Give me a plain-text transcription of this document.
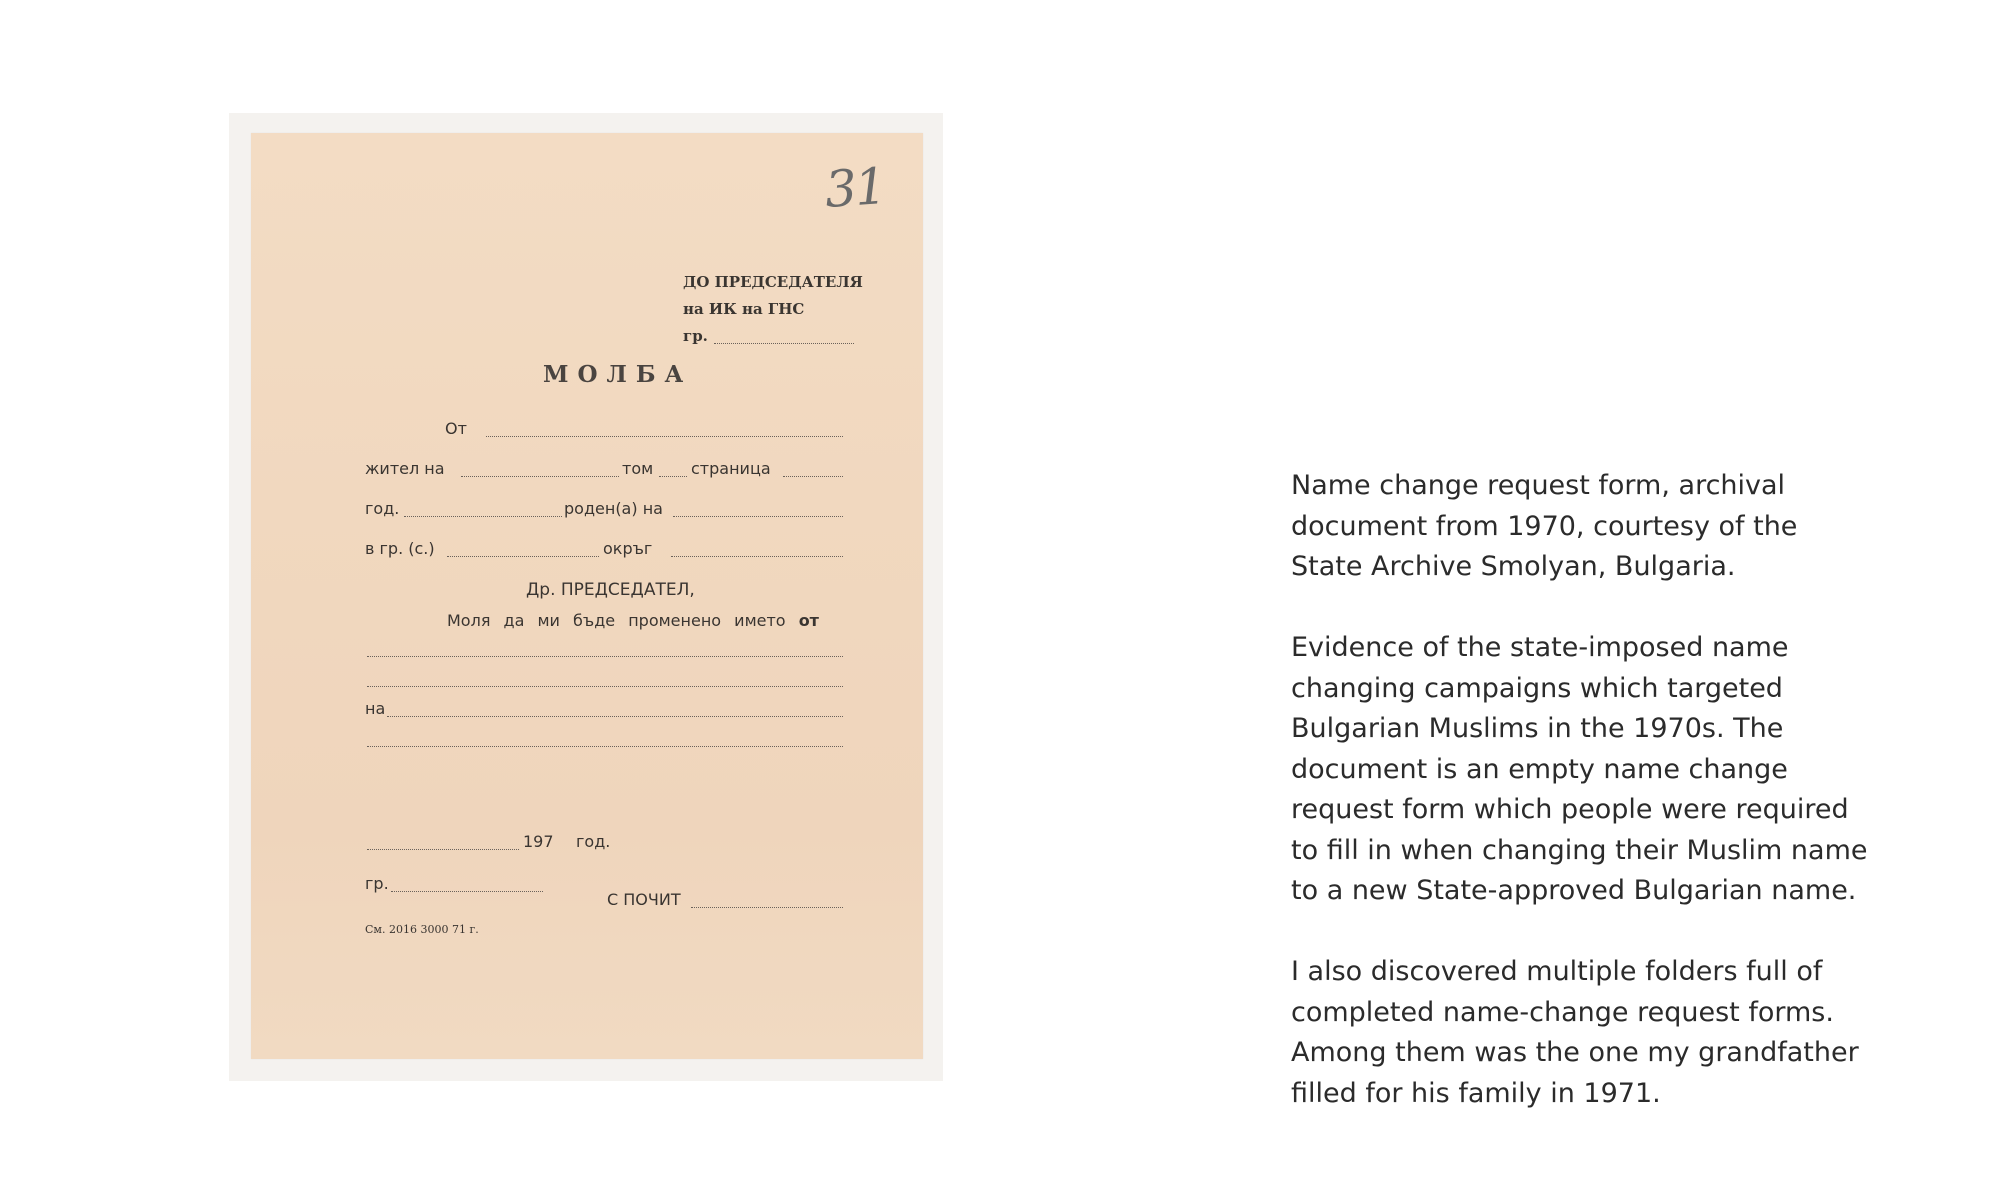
31
ДО ПРЕДСЕДАТЕЛЯ
на ИК на ГНС
гр.
МОЛБА
От
жител на	том страница
год.	роден(а) на
в гр. (с.)	окръг
Др. ПРЕДСЕДАТЕЛ,
Моля да ми бъде променено името от
на
197 год.
гр.
С ПОЧИТ
См. 2016 3000 71 г.

Name change request form, archival
document from 1970, courtesy of the
State Archive Smolyan, Bulgaria.

Evidence of the state-imposed name
changing campaigns which targeted
Bulgarian Muslims in the 1970s. The
document is an empty name change
request form which people were required
to fill in when changing their Muslim name
to a new State-approved Bulgarian name.

I also discovered multiple folders full of
completed name-change request forms.
Among them was the one my grandfather
filled for his family in 1971.
